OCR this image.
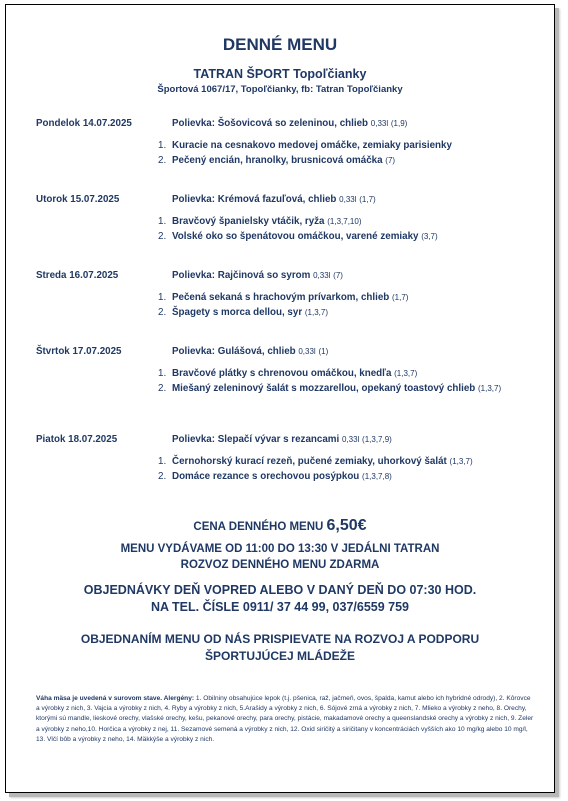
DENNÉ MENU
TATRAN ŠPORT Topoľčianky
Športová 1067/17, Topoľčianky, fb: Tatran Topoľčianky
Pondelok 14.07.2025	Polievka: Šošovicová so zeleninou, chlieb 0,33l (1,9)
1. Kuracie na cesnakovo medovej omáčke, zemiaky parisienky
2. Pečený encián, hranolky, brusnicová omáčka (7)
Utorok 15.07.2025	Polievka: Krémová fazuľová, chlieb 0,33l (1,7)
1. Bravčový španielsky vtáčik, ryža (1,3,7,10)
2. Volské oko so špenátovou omáčkou, varené zemiaky (3,7)
Streda 16.07.2025	Polievka: Rajčinová so syrom 0,33l (7)
1. Pečená sekaná s hrachovým prívarkom, chlieb (1,7)
2. Špagety s morca dellou, syr (1,3,7)
Štvrtok 17.07.2025	Polievka: Gulášová, chlieb 0,33l (1)
1. Bravčové plátky s chrenovou omáčkou, knedľa (1,3,7)
2. Miešaný zeleninový šalát s mozzarellou, opekaný toastový chlieb (1,3,7)
Piatok 18.07.2025	Polievka: Slepačí vývar s rezancami 0,33l (1,3,7,9)
1. Černohorský kurací rezeň, pučené zemiaky, uhorkový šalát (1,3,7)
2. Domáce rezance s orechovou posýpkou (1,3,7,8)
CENA DENNÉHO MENU 6,50€
MENU VYDÁVAME OD 11:00 DO 13:30 V JEDÁLNI TATRAN
ROZVOZ DENNÉHO MENU ZDARMA
OBJEDNÁVKY DEŇ VOPRED ALEBO V DANÝ DEŇ DO 07:30 HOD.
NA TEL. ČÍSLE 0911/ 37 44 99, 037/6559 759
OBJEDNANÍM MENU OD NÁS PRISPIEVATE NA ROZVOJ A PODPORU
ŠPORTUJÚCEJ MLÁDEŽE
Váha mäsa je uvedená v surovom stave. Alergény: 1. Obilniny obsahujúce lepok (t.j. pšenica, raž, jačmeň, ovos, špalda, kamut alebo ich hybridné odrody), 2. Kôrovce a výrobky z nich, 3. Vajcia a výrobky z nich, 4. Ryby a výrobky z nich, 5.Arašidy a výrobky z nich, 6. Sójové zrná a výrobky z nich, 7. Mlieko a výrobky z neho, 8. Orechy, ktorými sú mandle, lieskové orechy, vlašské orechy, kešu, pekanové orechy, para orechy, pistácie, makadamové orechy a queenslandské orechy a výrobky z nich, 9. Zeler a výrobky z neho,10. Horčica a výrobky z nej, 11. Sezamové semená a výrobky z nich, 12. Oxid siričitý a siričitany v koncentráciách vyšších ako 10 mg/kg alebo 10 mg/l, 13. Vlčí bôb a výrobky z neho, 14. Mäkkýše a výrobky z nich.
